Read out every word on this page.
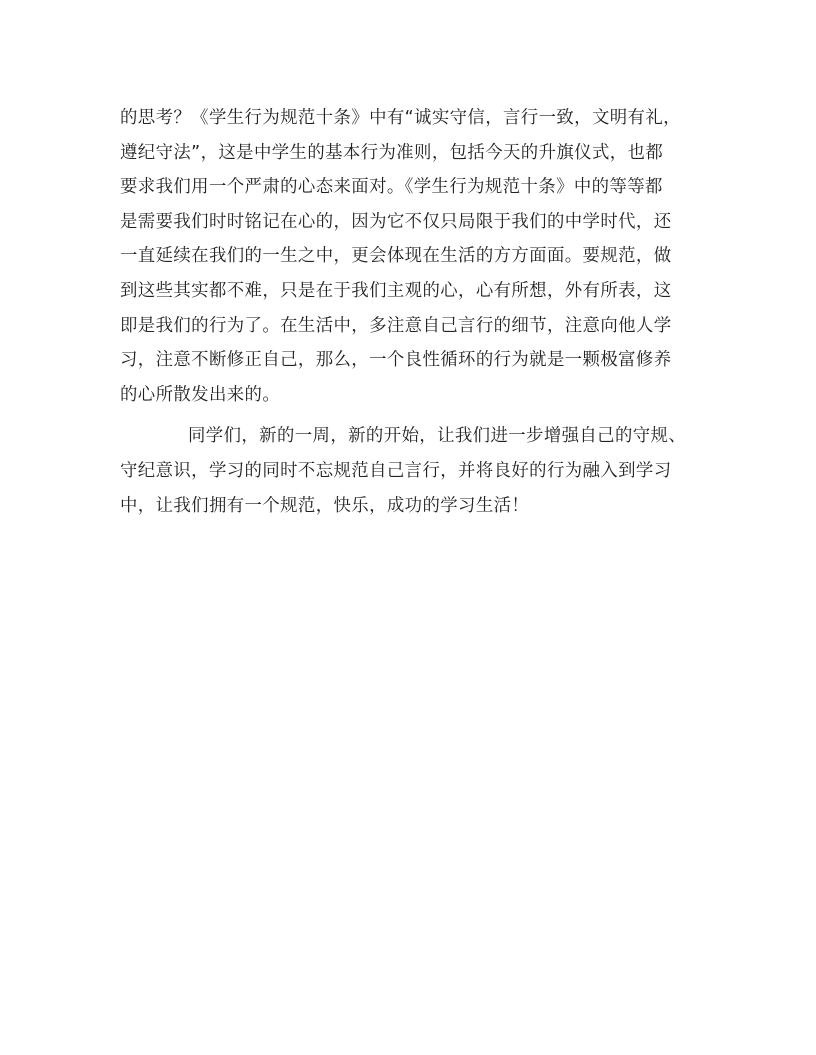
的思考？《学生行为规范十条》中有“诚实守信，言行一致，文明有礼，
遵纪守法”，这是中学生的基本行为准则，包括今天的升旗仪式，也都
要求我们用一个严肃的心态来面对。《学生行为规范十条》中的等等都
是需要我们时时铭记在心的，因为它不仅只局限于我们的中学时代，还
一直延续在我们的一生之中，更会体现在生活的方方面面。要规范，做
到这些其实都不难，只是在于我们主观的心，心有所想，外有所表，这
即是我们的行为了。在生活中，多注意自己言行的细节，注意向他人学
习，注意不断修正自己，那么，一个良性循环的行为就是一颗极富修养
的心所散发出来的。
同学们，新的一周，新的开始，让我们进一步增强自己的守规、
守纪意识，学习的同时不忘规范自己言行，并将良好的行为融入到学习
中，让我们拥有一个规范，快乐，成功的学习生活！
